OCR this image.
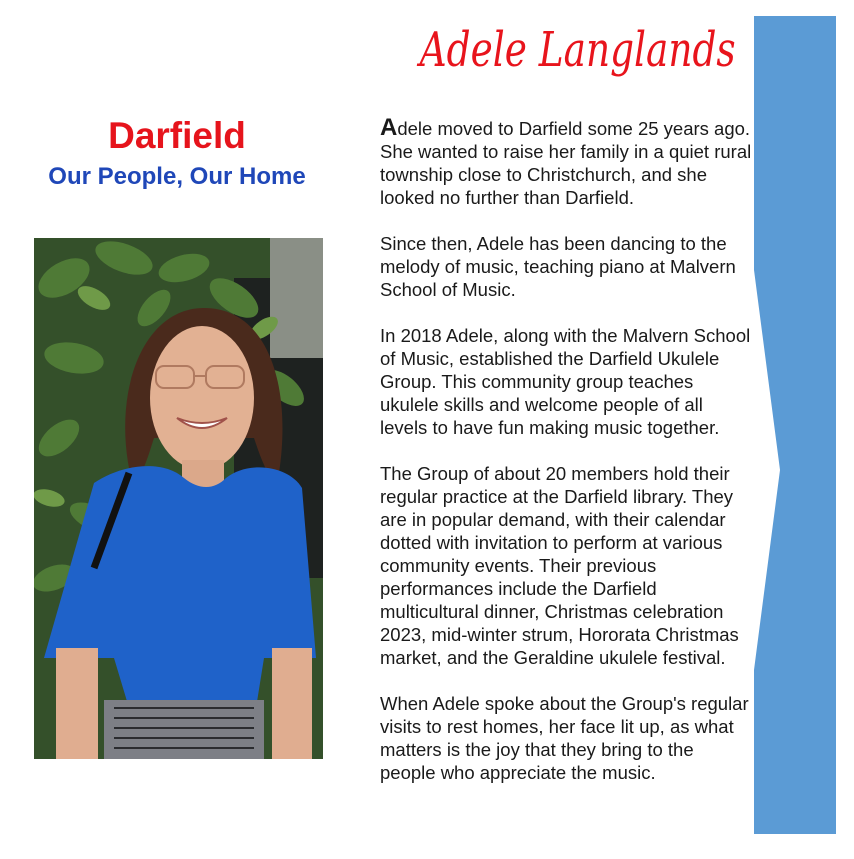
Adele Langlands
Darfield
Our People, Our Home

Adele moved to Darfield some 25 years ago. She wanted to raise her family in a quiet rural township close to Christchurch, and she looked no further than Darfield.

Since then, Adele has been dancing to the melody of music, teaching piano at Malvern School of Music.

In 2018 Adele, along with the Malvern School of Music, established the Darfield Ukulele Group. This community group teaches ukulele skills and welcome people of all levels to have fun making music together.

The Group of about 20 members hold their regular practice at the Darfield library. They are in popular demand, with their calendar dotted with invitation to perform at various community events. Their previous performances include the Darfield multicultural dinner, Christmas celebration 2023, mid-winter strum, Hororata Christmas market, and the Geraldine ukulele festival.

When Adele spoke about the Group's regular visits to rest homes, her face lit up, as what matters is the joy that they bring to the people who appreciate the music.
